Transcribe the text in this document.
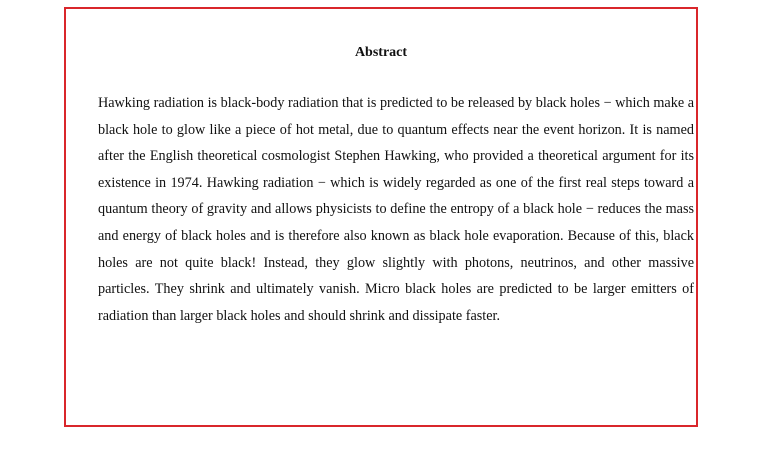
Abstract

Hawking radiation is black-body radiation that is predicted to be released by black holes − which make a black hole to glow like a piece of hot metal, due to quantum effects near the event horizon. It is named after the English theoretical cosmologist Stephen Hawking, who provided a theoretical argument for its existence in 1974. Hawking radiation − which is widely regarded as one of the first real steps toward a quantum theory of gravity and allows physicists to define the entropy of a black hole − reduces the mass and energy of black holes and is therefore also known as black hole evaporation. Because of this, black holes are not quite black! Instead, they glow slightly with photons, neutrinos, and other massive particles. They shrink and ultimately vanish. Micro black holes are predicted to be larger emitters of radiation than larger black holes and should shrink and dissipate faster.
